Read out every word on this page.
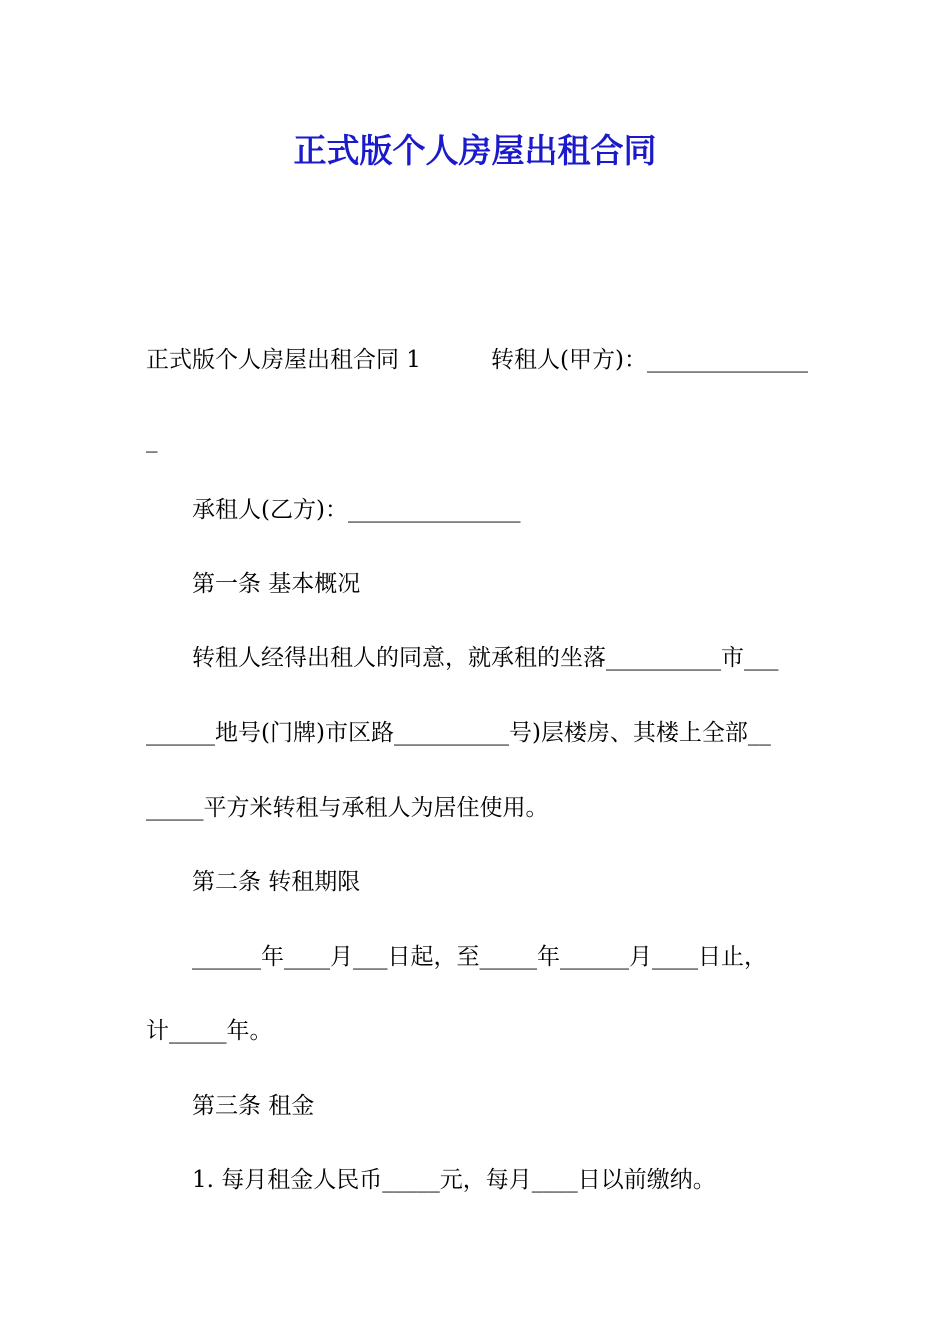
正式版个人房屋出租合同
正式版个人房屋出租合同 1	转租人(甲方)：______________
_
承租人(乙方)：_______________
第一条 基本概况
转租人经得出租人的同意，就承租的坐落__________市___
______地号(门牌)市区路__________号)层楼房、其楼上全部__
_____平方米转租与承租人为居住使用。
第二条 转租期限
______年____月___日起，至_____年______月____日止，
计_____年。
第三条 租金
1. 每月租金人民币_____元，每月____日以前缴纳。
